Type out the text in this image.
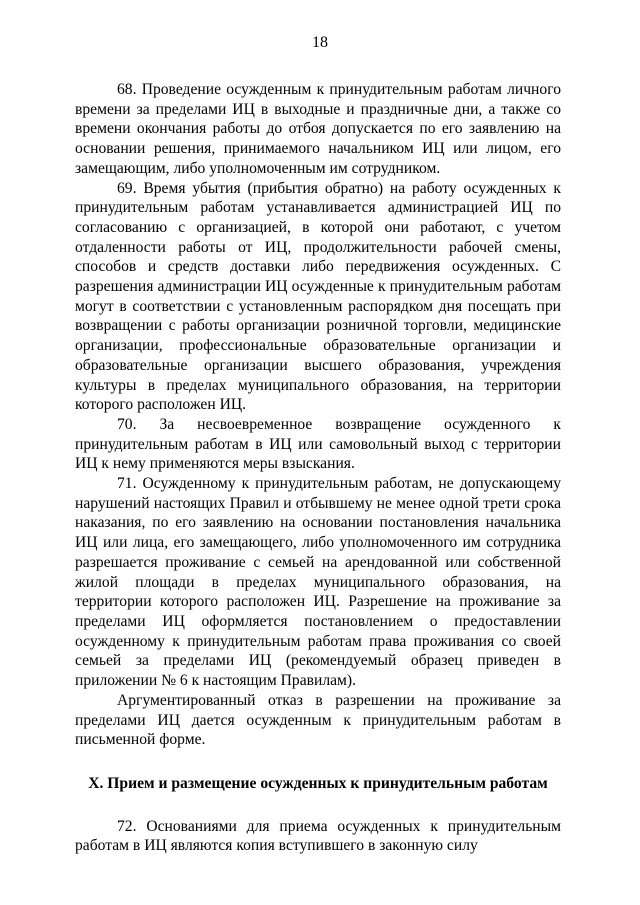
18

68. Проведение осужденным к принудительным работам личного времени за пределами ИЦ в выходные и праздничные дни, а также со времени окончания работы до отбоя допускается по его заявлению на основании решения, принимаемого начальником ИЦ или лицом, его замещающим, либо уполномоченным им сотрудником.

69. Время убытия (прибытия обратно) на работу осужденных к принудительным работам устанавливается администрацией ИЦ по согласованию с организацией, в которой они работают, с учетом отдаленности работы от ИЦ, продолжительности рабочей смены, способов и средств доставки либо передвижения осужденных. С разрешения администрации ИЦ осужденные к принудительным работам могут в соответствии с установленным распорядком дня посещать при возвращении с работы организации розничной торговли, медицинские организации, профессиональные образовательные организации и образовательные организации высшего образования, учреждения культуры в пределах муниципального образования, на территории которого расположен ИЦ.

70. За несвоевременное возвращение осужденного к принудительным работам в ИЦ или самовольный выход с территории ИЦ к нему применяются меры взыскания.

71. Осужденному к принудительным работам, не допускающему нарушений настоящих Правил и отбывшему не менее одной трети срока наказания, по его заявлению на основании постановления начальника ИЦ или лица, его замещающего, либо уполномоченного им сотрудника разрешается проживание с семьей на арендованной или собственной жилой площади в пределах муниципального образования, на территории которого расположен ИЦ. Разрешение на проживание за пределами ИЦ оформляется постановлением о предоставлении осужденному к принудительным работам права проживания со своей семьей за пределами ИЦ (рекомендуемый образец приведен в приложении № 6 к настоящим Правилам).

Аргументированный отказ в разрешении на проживание за пределами ИЦ дается осужденным к принудительным работам в письменной форме.

X. Прием и размещение осужденных к принудительным работам

72. Основаниями для приема осужденных к принудительным работам в ИЦ являются копия вступившего в законную силу
